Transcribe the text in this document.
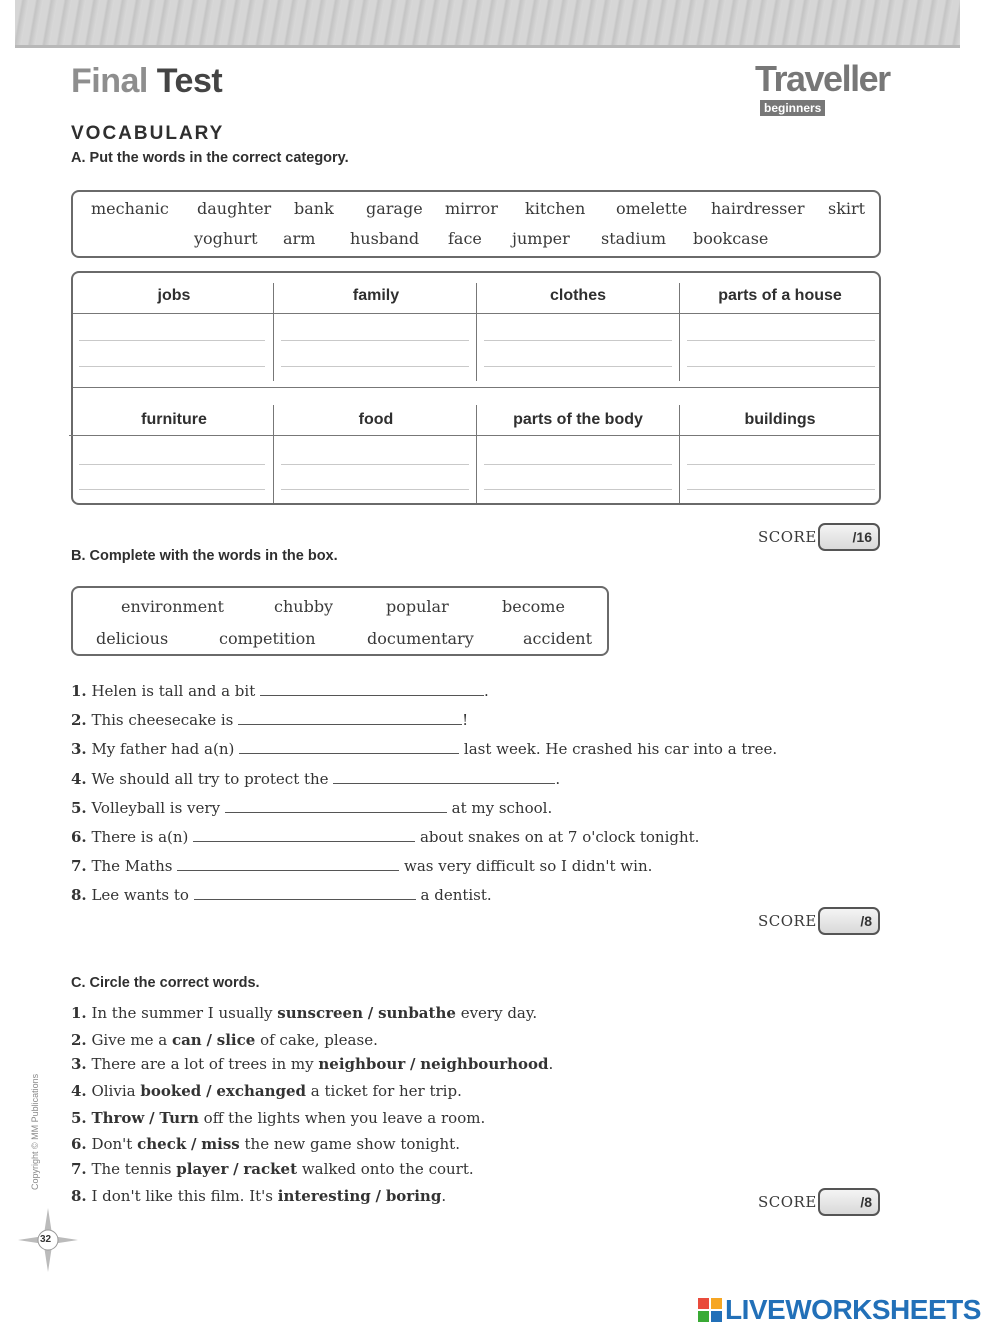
Final Test	Traveller
beginners
VOCABULARY
A. Put the words in the correct category.
mechanic daughter bank garage mirror kitchen omelette hairdresser skirt
yoghurt arm husband face jumper stadium bookcase
jobs	family	clothes	parts of a house
furniture	food	parts of the body	buildings
SCORE	/16
B. Complete with the words in the box.
environment	chubby	popular	become
delicious	competition	documentary	accident
1. Helen is tall and a bit	.
2. This cheesecake is	!
3. My father had a(n)	last week. He crashed his car into a tree.
4. We should all try to protect the	.
5. Volleyball is very	at my school.
6. There is a(n)	about snakes on at 7 o'clock tonight.
7. The Maths	was very difficult so I didn't win.
8. Lee wants to	a dentist.
SCORE	/8
C. Circle the correct words.
1. In the summer I usually sunscreen / sunbathe every day.
2. Give me a can / slice of cake, please.
3. There are a lot of trees in my neighbour / neighbourhood.
4. Olivia booked / exchanged a ticket for her trip.
5. Throw / Turn off the lights when you leave a room.
6. Don't check / miss the new game show tonight.
7. The tennis player / racket walked onto the court.
8. I don't like this film. It's interesting / boring.	SCORE	/8
Copyright © MM Publications
32
LIVEWORKSHEETS
